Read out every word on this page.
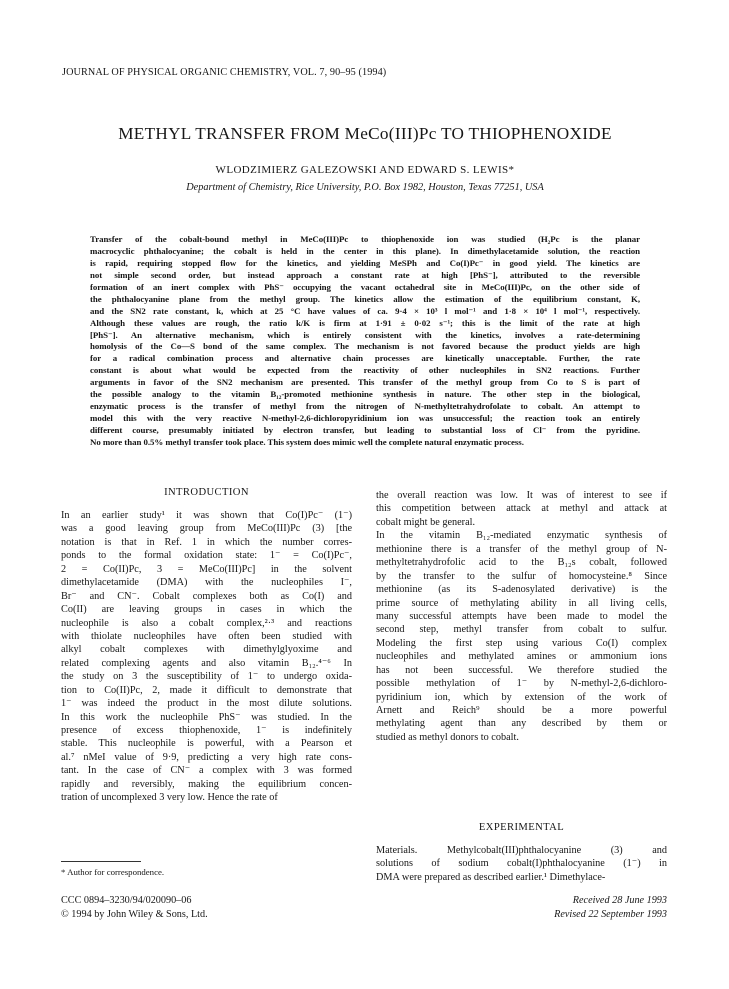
JOURNAL OF PHYSICAL ORGANIC CHEMISTRY, VOL. 7, 90–95 (1994)
METHYL TRANSFER FROM MeCo(III)Pc TO THIOPHENOXIDE
WLODZIMIERZ GALEZOWSKI AND EDWARD S. LEWIS*
Department of Chemistry, Rice University, P.O. Box 1982, Houston, Texas 77251, USA
Transfer of the cobalt-bound methyl in MeCo(III)Pc to thiophenoxide ion was studied (H₂Pc is the planar
macrocyclic phthalocyanine; the cobalt is held in the center in this plane). In dimethylacetamide solution, the reaction
is rapid, requiring stopped flow for the kinetics, and yielding MeSPh and Co(I)Pc⁻ in good yield. The kinetics are
not simple second order, but instead approach a constant rate at high [PhS⁻], attributed to the reversible
formation of an inert complex with PhS⁻ occupying the vacant octahedral site in MeCo(III)Pc, on the other side of
the phthalocyanine plane from the methyl group. The kinetics allow the estimation of the equilibrium constant, K,
and the SN2 rate constant, k, which at 25 °C have values of ca. 9·4 × 10³ l mol⁻¹ and 1·8 × 10⁴ l mol⁻¹, respectively.
Although these values are rough, the ratio k/K is firm at 1·91 ± 0·02 s⁻¹; this is the limit of the rate at high
[PhS⁻]. An alternative mechanism, which is entirely consistent with the kinetics, involves a rate-determining
homolysis of the Co—S bond of the same complex. The mechanism is not favored because the product yields are high
for a radical combination process and alternative chain processes are kinetically unacceptable. Further, the rate
constant is about what would be expected from the reactivity of other nucleophiles in SN2 reactions. Further
arguments in favor of the SN2 mechanism are presented. This transfer of the methyl group from Co to S is part of
the possible analogy to the vitamin B₁₂-promoted methionine synthesis in nature. The other step in the biological,
enzymatic process is the transfer of methyl from the nitrogen of N-methyltetrahydrofolate to cobalt. An attempt to
model this with the very reactive N-methyl-2,6-dichloropyridinium ion was unsuccessful; the reaction took an entirely
different course, presumably initiated by electron transfer, but leading to substantial loss of Cl⁻ from the pyridine.
No more than 0.5% methyl transfer took place. This system does mimic well the complete natural enzymatic process.
INTRODUCTION
In an earlier study¹ it was shown that Co(I)Pc⁻ (1⁻)
was a good leaving group from MeCo(III)Pc (3) [the
notation is that in Ref. 1 in which the number corres-
ponds to the formal oxidation state: 1⁻ = Co(I)Pc⁻,
2 = Co(II)Pc, 3 = MeCo(III)Pc] in the solvent
dimethylacetamide (DMA) with the nucleophiles I⁻,
Br⁻ and CN⁻. Cobalt complexes both as Co(I) and
Co(II) are leaving groups in cases in which the
nucleophile is also a cobalt complex,²·³ and reactions
with thiolate nucleophiles have often been studied with
alkyl cobalt complexes with dimethylglyoxime and
related complexing agents and also vitamin B₁₂.⁴⁻⁶ In
the study on 3 the susceptibility of 1⁻ to undergo oxida-
tion to Co(II)Pc, 2, made it difficult to demonstrate that
1⁻ was indeed the product in the most dilute solutions.
In this work the nucleophile PhS⁻ was studied. In the
presence of excess thiophenoxide, 1⁻ is indefinitely
stable. This nucleophile is powerful, with a Pearson et
al.⁷ nMeI value of 9·9, predicting a very high rate cons-
tant. In the case of CN⁻ a complex with 3 was formed
rapidly and reversibly, making the equilibrium concen-
tration of uncomplexed 3 very low. Hence the rate of
the overall reaction was low. It was of interest to see if
this competition between attack at methyl and attack at
cobalt might be general.
In the vitamin B₁₂-mediated enzymatic synthesis of
methionine there is a transfer of the methyl group of N-
methyltetrahydrofolic acid to the B₁₂s cobalt, followed
by the transfer to the sulfur of homocysteine.⁸ Since
methionine (as its S-adenosylated derivative) is the
prime source of methylating ability in all living cells,
many successful attempts have been made to model the
second step, methyl transfer from cobalt to sulfur.
Modeling the first step using various Co(I) complex
nucleophiles and methylated amines or ammonium ions
has not been successful. We therefore studied the
possible methylation of 1⁻ by N-methyl-2,6-dichloro-
pyridinium ion, which by extension of the work of
Arnett and Reich⁹ should be a more powerful
methylating agent than any described by them or
studied as methyl donors to cobalt.
EXPERIMENTAL
Materials. Methylcobalt(III)phthalocyanine (3) and
solutions of sodium cobalt(I)phthalocyanine (1⁻) in
DMA were prepared as described earlier.¹ Dimethylace-
* Author for correspondence.
CCC 0894–3230/94/020090–06
© 1994 by John Wiley & Sons, Ltd.
Received 28 June 1993
Revised 22 September 1993
